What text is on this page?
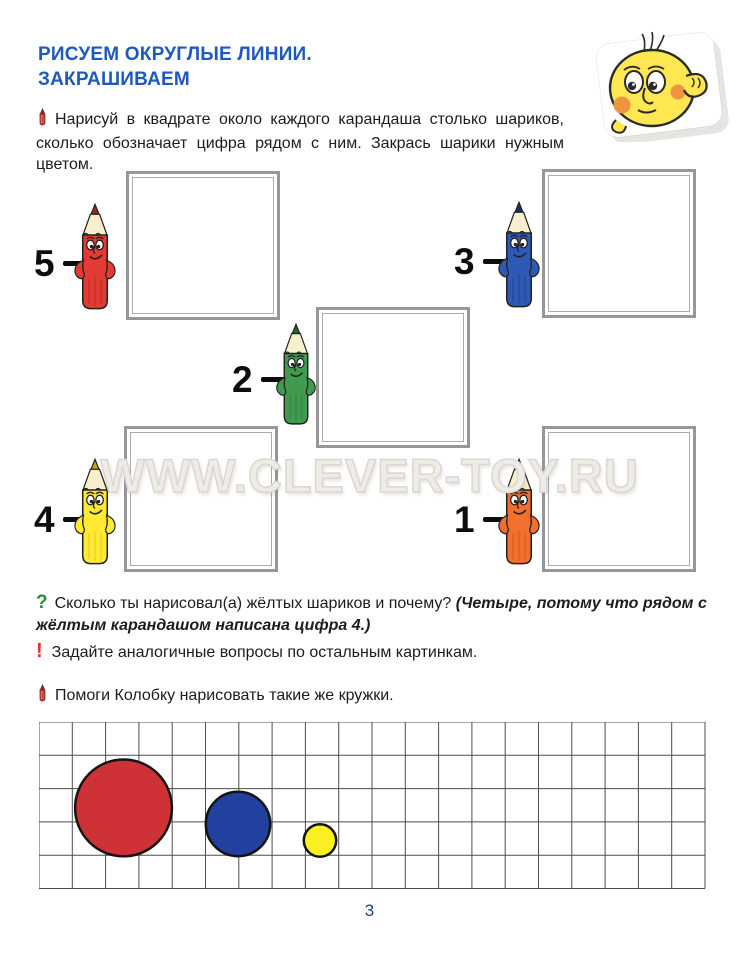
РИСУЕМ ОКРУГЛЫЕ ЛИНИИ.
ЗАКРАШИВАЕМ
Нарисуй в квадрате около каждого карандаша столько шариков, сколько обозначает цифра рядом с ним. Закрась шарики нужным цветом.
5	3
2
4	1
WWW.CLEVER-TOY.RU
? Сколько ты нарисовал(а) жёлтых шариков и почему? (Четыре, потому что рядом с жёлтым карандашом написана цифра 4.)
! Задайте аналогичные вопросы по остальным картинкам.
Помоги Колобку нарисовать такие же кружки.
3
